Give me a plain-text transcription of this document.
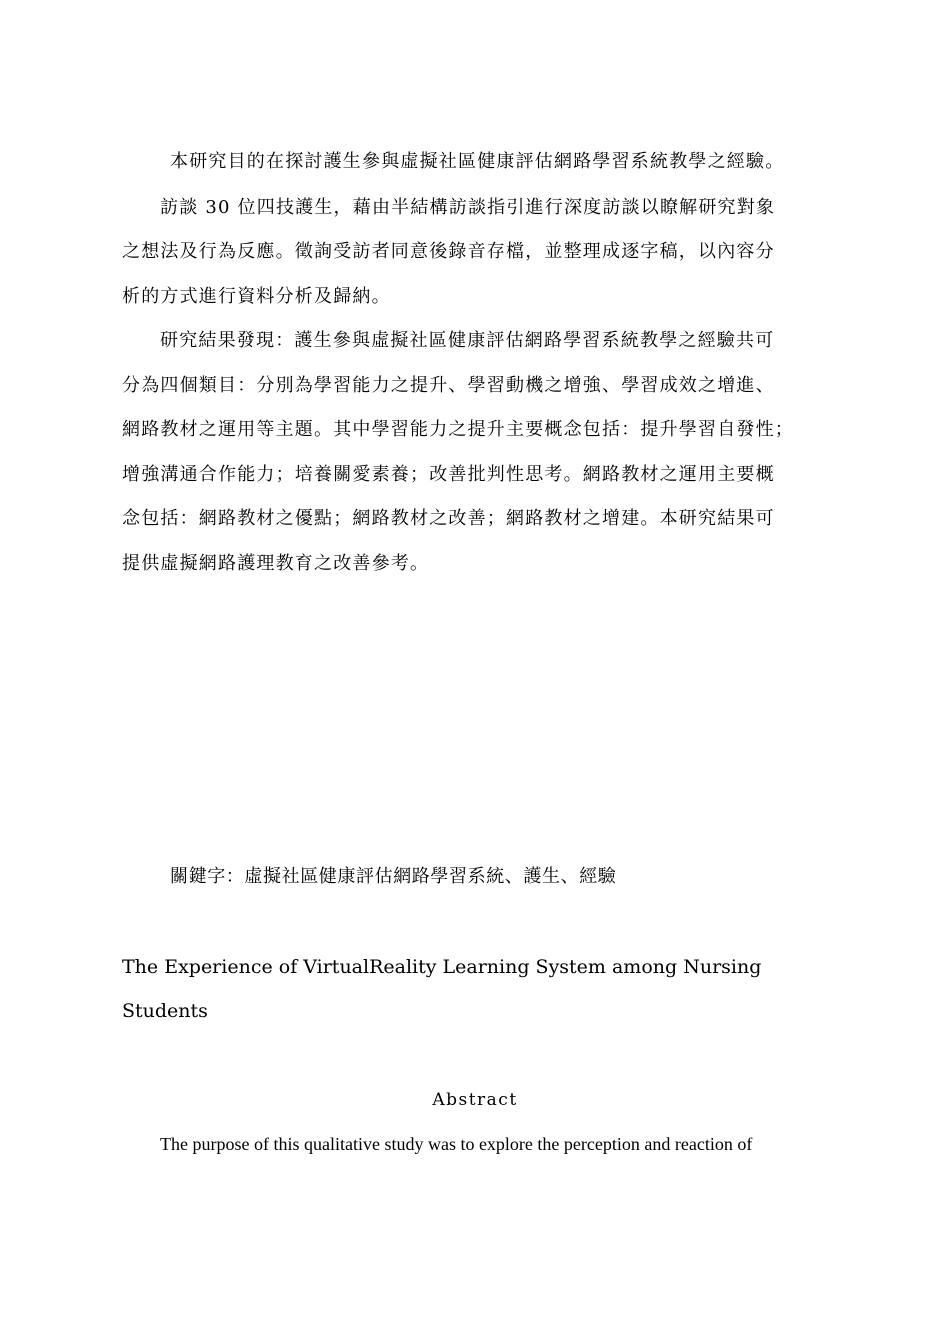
本研究目的在探討護生參與虛擬社區健康評估網路學習系統教學之經驗。
訪談 30 位四技護生，藉由半結構訪談指引進行深度訪談以瞭解研究對象
之想法及行為反應。徵詢受訪者同意後錄音存檔，並整理成逐字稿，以內容分
析的方式進行資料分析及歸納。
研究結果發現：護生參與虛擬社區健康評估網路學習系統教學之經驗共可
分為四個類目：分別為學習能力之提升、學習動機之增強、學習成效之增進、
網路教材之運用等主題。其中學習能力之提升主要概念包括：提升學習自發性；
增強溝通合作能力；培養關愛素養；改善批判性思考。網路教材之運用主要概
念包括：網路教材之優點；網路教材之改善；網路教材之增建。本研究結果可
提供虛擬網路護理教育之改善參考。
關鍵字：虛擬社區健康評估網路學習系統、護生、經驗
The Experience of VirtualReality Learning System among Nursing
Students
Abstract
The purpose of this qualitative study was to explore the perception and reaction of
